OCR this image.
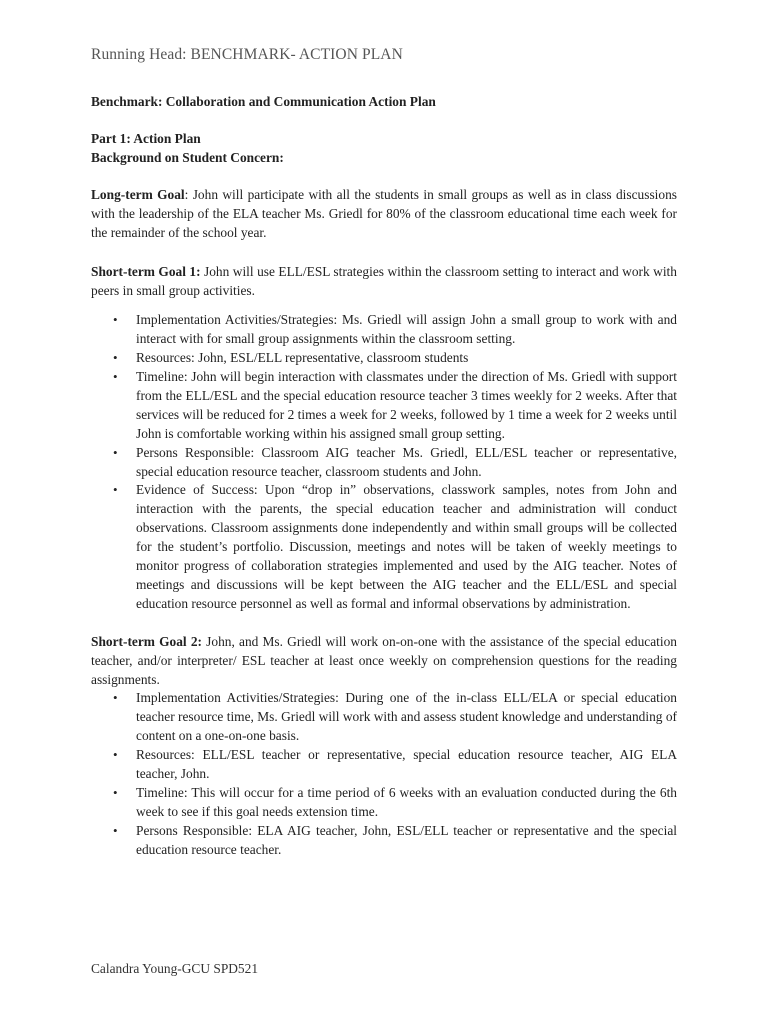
Running Head: BENCHMARK- ACTION PLAN

Benchmark: Collaboration and Communication Action Plan

Part 1: Action Plan

Background on Student Concern:

Long-term Goal: John will participate with all the students in small groups as well as in class discussions with the leadership of the ELA teacher Ms. Griedl for 80% of the classroom educational time each week for the remainder of the school year.

Short-term Goal 1: John will use ELL/ESL strategies within the classroom setting to interact and work with peers in small group activities.

• Implementation Activities/Strategies: Ms. Griedl will assign John a small group to work with and interact with for small group assignments within the classroom setting.
• Resources: John, ESL/ELL representative, classroom students
• Timeline: John will begin interaction with classmates under the direction of Ms. Griedl with support from the ELL/ESL and the special education resource teacher 3 times weekly for 2 weeks. After that services will be reduced for 2 times a week for 2 weeks, followed by 1 time a week for 2 weeks until John is comfortable working within his assigned small group setting.
• Persons Responsible: Classroom AIG teacher Ms. Griedl, ELL/ESL teacher or representative, special education resource teacher, classroom students and John.
• Evidence of Success: Upon “drop in” observations, classwork samples, notes from John and interaction with the parents, the special education teacher and administration will conduct observations. Classroom assignments done independently and within small groups will be collected for the student’s portfolio. Discussion, meetings and notes will be taken of weekly meetings to monitor progress of collaboration strategies implemented and used by the AIG teacher. Notes of meetings and discussions will be kept between the AIG teacher and the ELL/ESL and special education resource personnel as well as formal and informal observations by administration.

Short-term Goal 2: John, and Ms. Griedl will work on-on-one with the assistance of the special education teacher, and/or interpreter/ ESL teacher at least once weekly on comprehension questions for the reading assignments.

• Implementation Activities/Strategies: During one of the in-class ELL/ELA or special education teacher resource time, Ms. Griedl will work with and assess student knowledge and understanding of content on a one-on-one basis.
• Resources: ELL/ESL teacher or representative, special education resource teacher, AIG ELA teacher, John.
• Timeline: This will occur for a time period of 6 weeks with an evaluation conducted during the 6th week to see if this goal needs extension time.
• Persons Responsible: ELA AIG teacher, John, ESL/ELL teacher or representative and the special education resource teacher.
Calandra Young-GCU SPD521
